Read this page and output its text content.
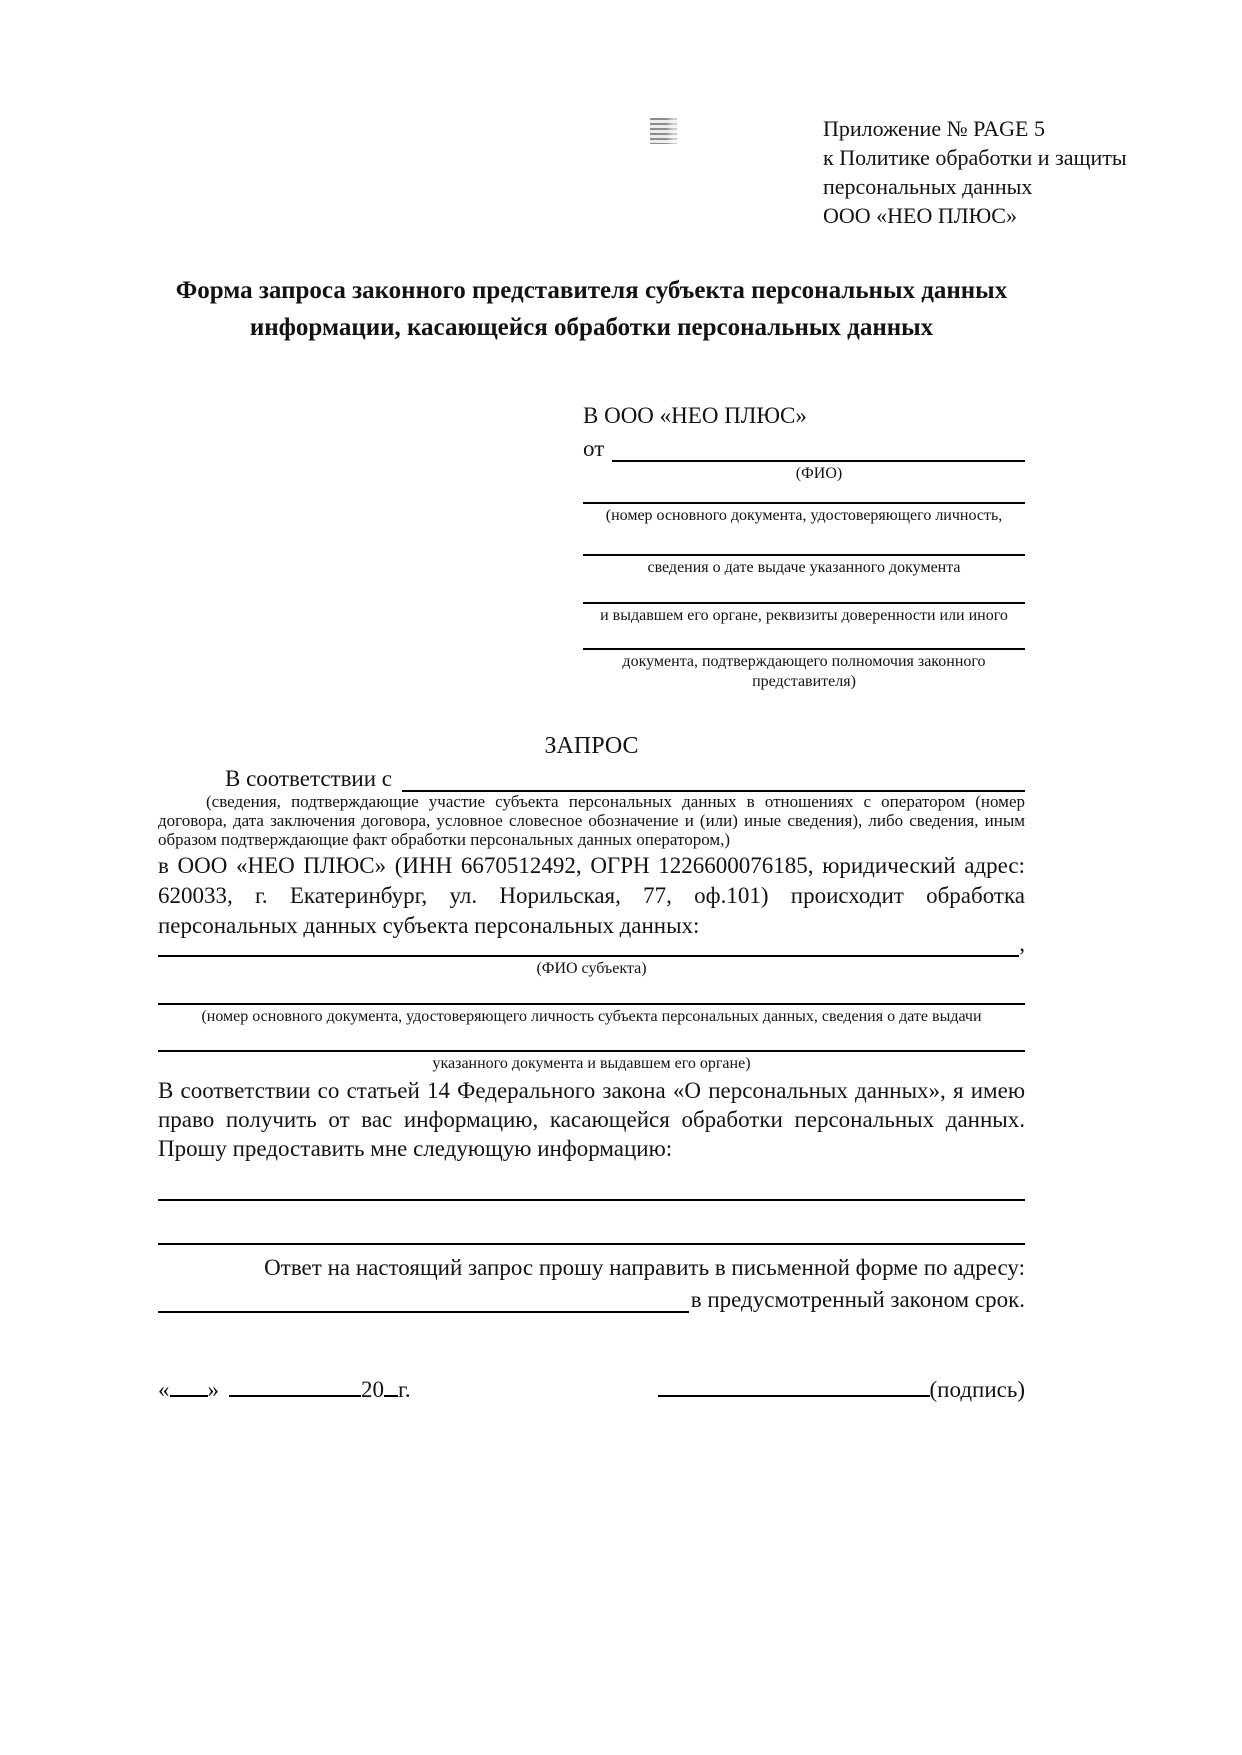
Приложение № PAGE 5
к Политике обработки и защиты
персональных данных
ООО «НЕО ПЛЮС»
Форма запроса законного представителя субъекта персональных данных
информации, касающейся обработки персональных данных
В ООО «НЕО ПЛЮС»
от
(ФИО)
(номер основного документа, удостоверяющего личность,
сведения о дате выдаче указанного документа
и выдавшем его органе, реквизиты доверенности или иного
документа, подтверждающего полномочия законного представителя)
ЗАПРОС
В соответствии с
(сведения, подтверждающие участие субъекта персональных данных в отношениях с оператором (номер договора, дата заключения договора, условное словесное обозначение и (или) иные сведения), либо сведения, иным образом подтверждающие факт обработки персональных данных оператором,)
в ООО «НЕО ПЛЮС» (ИНН 6670512492, ОГРН 1226600076185, юридический адрес: 620033, г. Екатеринбург, ул. Норильская, 77, оф.101) происходит обработка персональных данных субъекта персональных данных:
,
(ФИО субъекта)
(номер основного документа, удостоверяющего личность субъекта персональных данных, сведения о дате выдачи
указанного документа и выдавшем его органе)
В соответствии со статьей 14 Федерального закона «О персональных данных», я имею право получить от вас информацию, касающейся обработки персональных данных. Прошу предоставить мне следующую информацию:
Ответ на настоящий запрос прошу направить в письменной форме по адресу:
в предусмотренный законом срок.
« »	20 г.	(подпись)
